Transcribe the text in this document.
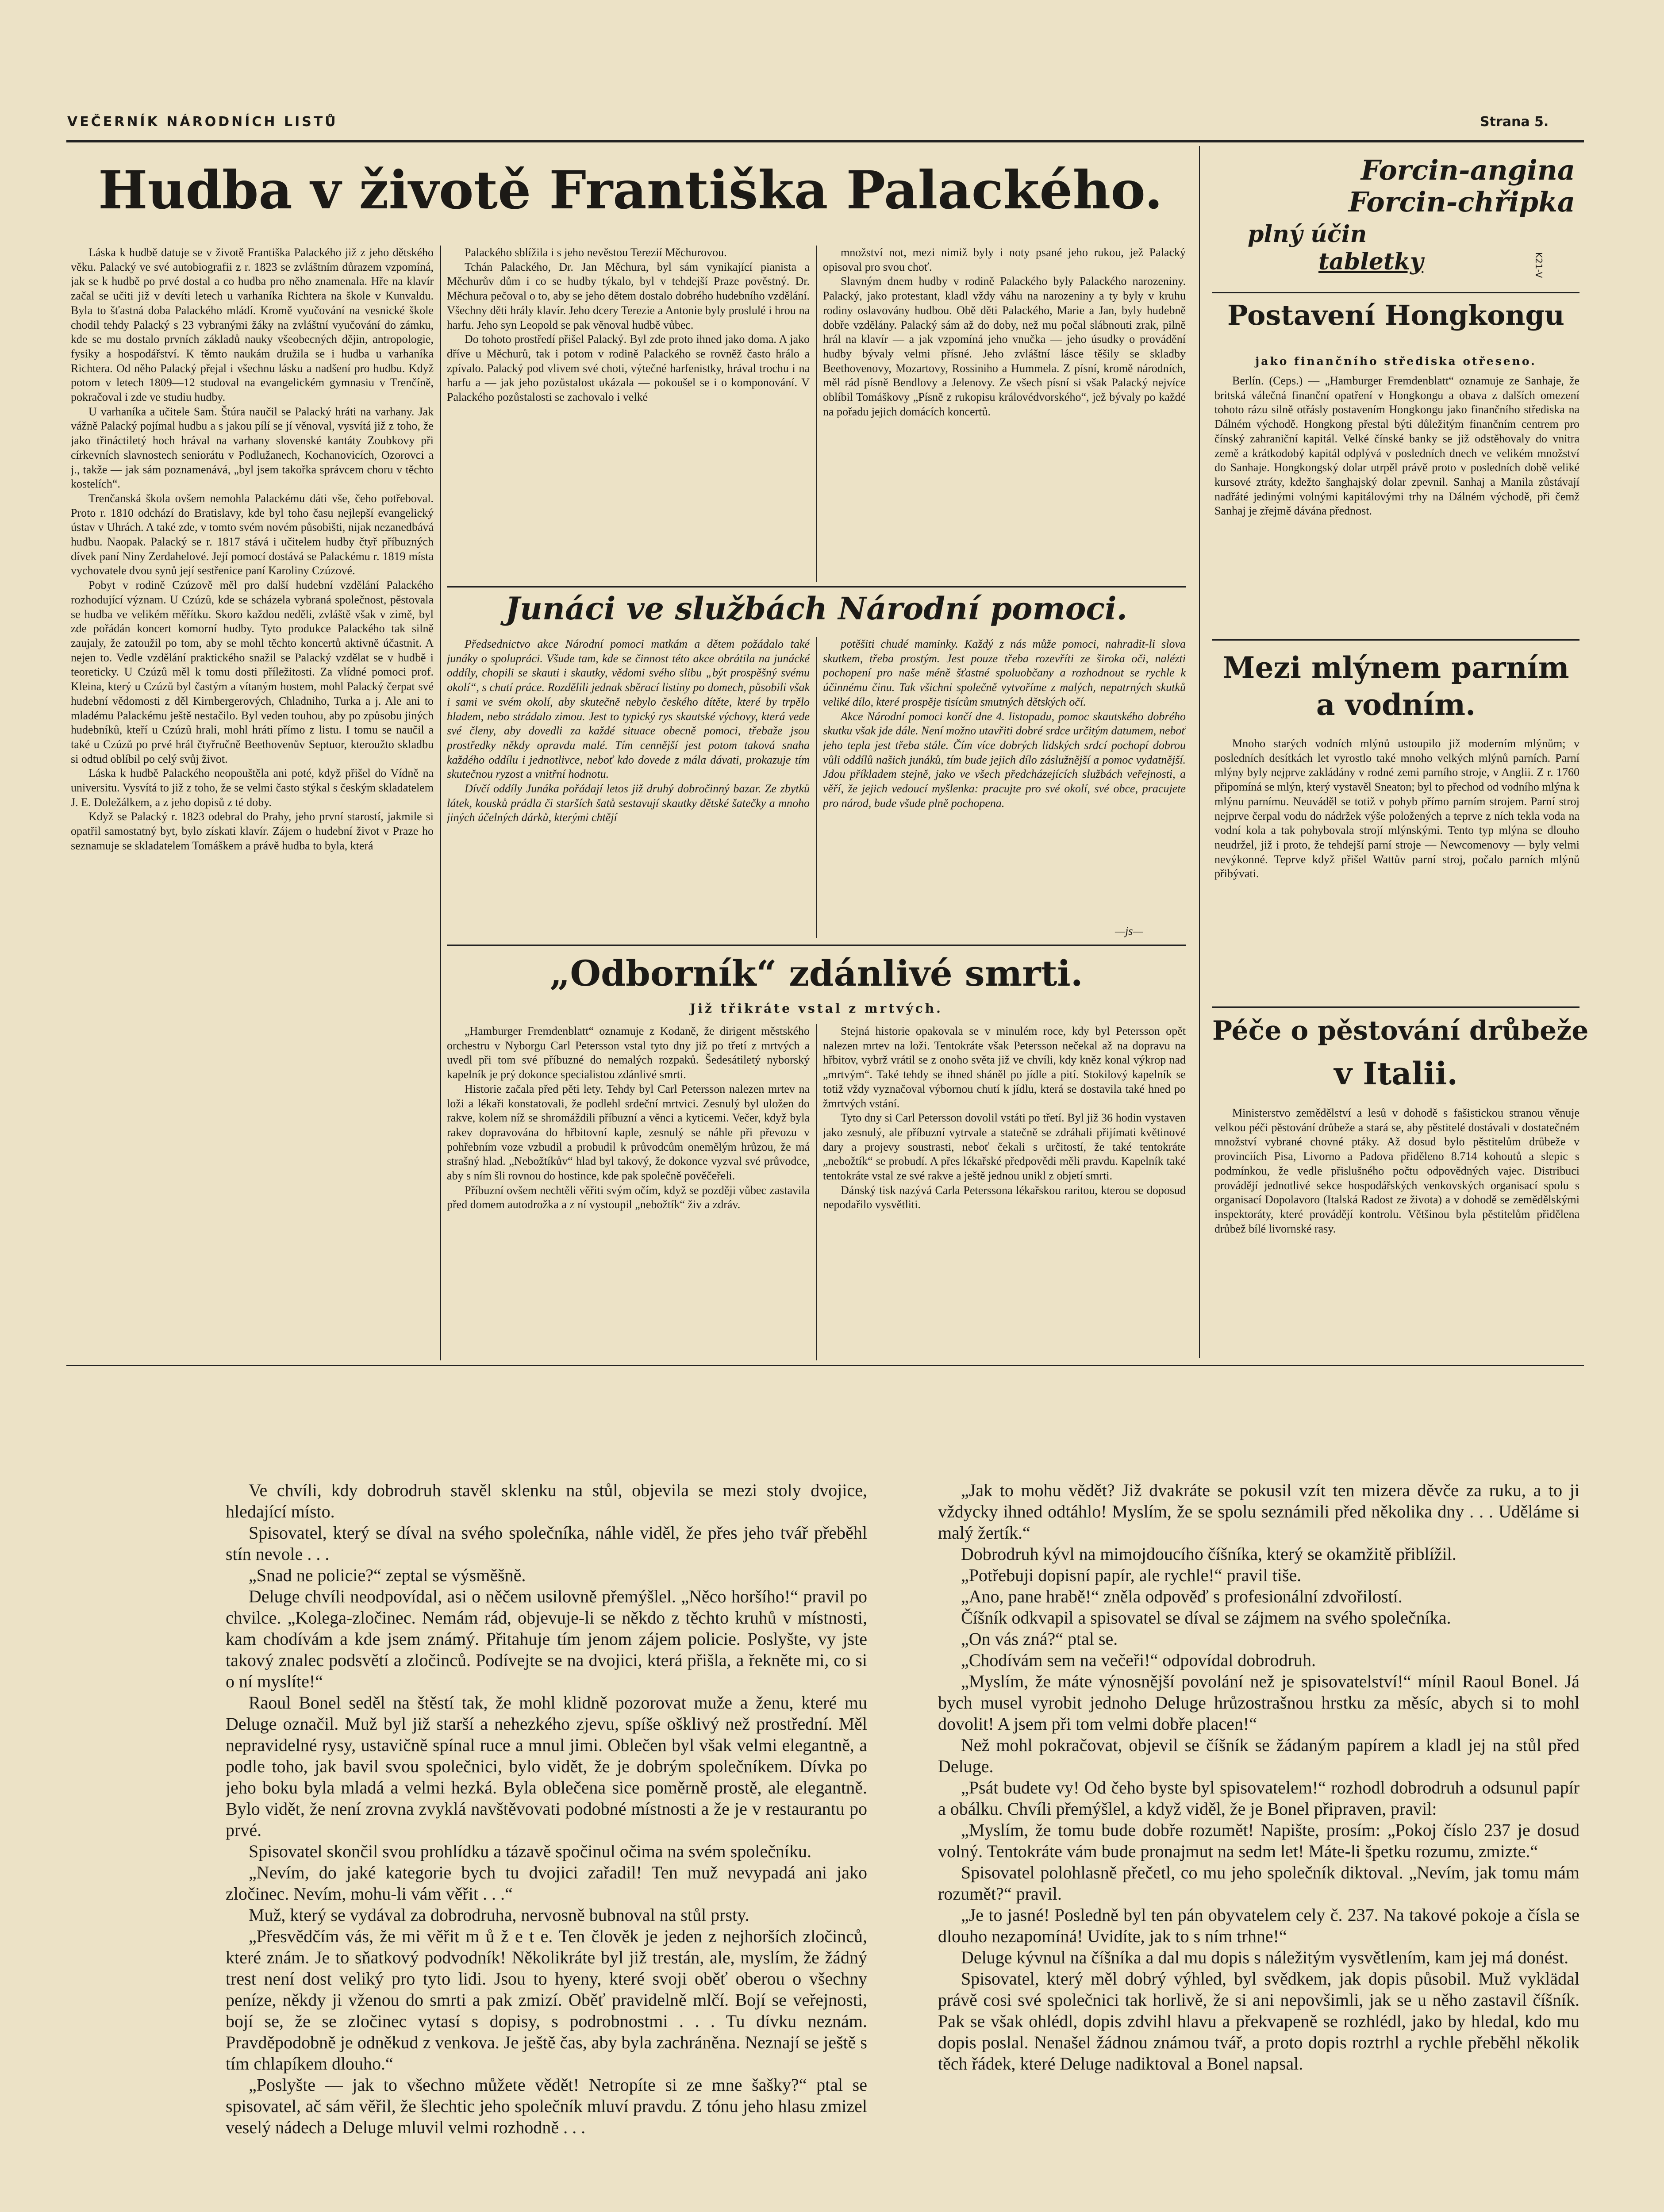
VEČERNÍK NÁRODNÍCH LISTŮ	Strana 5.
Hudba v životě Františka Palackého.

Láska k hudbě datuje se v životě Františka Palackého již z jeho dětského věku. Palacký ve své autobiografii z r. 1823 se zvláštním důrazem vzpomíná, jak se k hudbě po prvé dostal a co hudba pro něho znamenala. Hře na klavír začal se učiti již v devíti letech u varhaníka Richtera na škole v Kunvaldu. Byla to šťastná doba Palackého mládí. Kromě vyučování na vesnické škole chodil tehdy Palacký s 23 vybranými žáky na zvláštní vyučování do zámku, kde se mu dostalo prvních základů nauky všeobecných dějin, antropologie, fysiky a hospodářství. K těmto naukám družila se i hudba u varhaníka Richtera. Od něho Palacký přejal i všechnu lásku a nadšení pro hudbu. Když potom v letech 1809—12 studoval na evangelickém gymnasiu v Trenčíně, pokračoval i zde ve studiu hudby.

U varhaníka a učitele Sam. Štúra naučil se Palacký hráti na varhany. Jak vážně Palacký pojímal hudbu a s jakou pílí se jí věnoval, vysvítá již z toho, že jako třináctiletý hoch hrával na varhany slovenské kantáty Zoubkovy při církevních slavnostech seniorátu v Podlužanech, Kochanovicích, Ozorovci a j., takže — jak sám poznamenává, „byl jsem takořka správcem choru v těchto kostelích“.

Trenčanská škola ovšem nemohla Palackému dáti vše, čeho potřeboval. Proto r. 1810 odchází do Bratislavy, kde byl toho času nejlepší evangelický ústav v Uhrách. A také zde, v tomto svém novém působišti, nijak nezanedbává hudbu. Naopak. Palacký se r. 1817 stává i učitelem hudby čtyř příbuzných dívek paní Niny Zerdahelové. Její pomocí dostává se Palackému r. 1819 místa vychovatele dvou synů její sestřenice paní Karoliny Czúzové.

Pobyt v rodině Czúzově měl pro další hudební vzdělání Palackého rozhodující význam. U Czúzů, kde se scházela vybraná společnost, pěstovala se hudba ve velikém měřítku. Skoro každou neděli, zvláště však v zimě, byl zde pořádán koncert komorní hudby. Tyto produkce Palackého tak silně zaujaly, že zatoužil po tom, aby se mohl těchto koncertů aktivně účastnit. A nejen to. Vedle vzdělání praktického snažil se Palacký vzdělat se v hudbě i teoreticky. U Czúzů měl k tomu dosti příležitosti. Za vlídné pomoci prof. Kleina, který u Czúzů byl častým a vítaným hostem, mohl Palacký čerpat své hudební vědomosti z děl Kirnbergerových, Chladniho, Turka a j. Ale ani to mladému Palackému ještě nestačilo. Byl veden touhou, aby po způsobu jiných hudebníků, kteří u Czúzů hrali, mohl hráti přímo z listu. I tomu se naučil a také u Czúzů po prvé hrál čtyřručně Beethovenův Septuor, kteroužto skladbu si odtud oblíbil po celý svůj život.

Láska k hudbě Palackého neopouštěla ani poté, když přišel do Vídně na universitu. Vysvítá to již z toho, že se velmi často stýkal s českým skladatelem J. E. Doležálkem, a z jeho dopisů z té doby.

Když se Palacký r. 1823 odebral do Prahy, jeho první starostí, jakmile si opatřil samostatný byt, bylo získati klavír. Zájem o hudební život v Praze ho seznamuje se skladatelem Tomáškem a právě hudba to byla, která

Palackého sblížila i s jeho nevěstou Terezií Měchurovou.

Tchán Palackého, Dr. Jan Měchura, byl sám vynikající pianista a Měchurův dům i co se hudby týkalo, byl v tehdejší Praze pověstný. Dr. Měchura pečoval o to, aby se jeho dětem dostalo dobrého hudebního vzdělání. Všechny děti hrály klavír. Jeho dcery Terezie a Antonie byly proslulé i hrou na harfu. Jeho syn Leopold se pak věnoval hudbě vůbec.

Do tohoto prostředí přišel Palacký. Byl zde proto ihned jako doma. A jako dříve u Měchurů, tak i potom v rodině Palackého se rovněž často hrálo a zpívalo. Palacký pod vlivem své choti, výtečné harfenistky, hrával trochu i na harfu a — jak jeho pozůstalost ukázala — pokoušel se i o komponování. V Palackého pozůstalosti se zachovalo i velké

množství not, mezi nimiž byly i noty psané jeho rukou, jež Palacký opisoval pro svou choť.

Slavným dnem hudby v rodině Palackého byly Palackého narozeniny. Palacký, jako protestant, kladl vždy váhu na narozeniny a ty byly v kruhu rodiny oslavovány hudbou. Obě děti Palackého, Marie a Jan, byly hudebně dobře vzdělány. Palacký sám až do doby, než mu počal slábnouti zrak, pilně hrál na klavír — a jak vzpomíná jeho vnučka — jeho úsudky o provádění hudby bývaly velmi přísné. Jeho zvláštní lásce těšily se skladby Beethovenovy, Mozartovy, Rossiniho a Hummela. Z písní, kromě národních, měl rád písně Bendlovy a Jelenovy. Ze všech písní si však Palacký nejvíce oblíbil Tomáškovy „Písně z rukopisu královédvorského“, jež bývaly po každé na pořadu jejich domácích koncertů.

Junáci ve službách Národní pomoci.

Předsednictvo akce Národní pomoci matkám a dětem požádalo také junáky o spolupráci. Všude tam, kde se činnost této akce obrátila na junácké oddíly, chopili se skauti i skautky, vědomi svého slibu „být prospěšný svému okolí“, s chutí práce. Rozdělili jednak sběrací listiny po domech, působili však i sami ve svém okolí, aby skutečně nebylo českého dítěte, které by trpělo hladem, nebo strádalo zimou. Jest to typický rys skautské výchovy, která vede své členy, aby dovedli za každé situace obecně pomoci, třebaže jsou prostředky někdy opravdu malé. Tím cennější jest potom taková snaha každého oddílu i jednotlivce, neboť kdo dovede z mála dávati, prokazuje tím skutečnou ryzost a vnitřní hodnotu.

Dívčí oddíly Junáka pořádají letos již druhý dobročinný bazar. Ze zbytků látek, kousků prádla či starších šatů sestavují skautky dětské šatečky a mnoho jiných účelných dárků, kterými chtějí

potěšiti chudé maminky. Každý z nás může pomoci, nahradit-li slova skutkem, třeba prostým. Jest pouze třeba rozevříti ze široka oči, nalézti pochopení pro naše méně šťastné spoluobčany a rozhodnout se rychle k účinnému činu. Tak všichni společně vytvoříme z malých, nepatrných skutků veliké dílo, které prospěje tisícům smutných dětských očí.

Akce Národní pomoci končí dne 4. listopadu, pomoc skautského dobrého skutku však jde dále. Není možno utavřiti dobré srdce určitým datumem, neboť jeho tepla jest třeba stále. Čím více dobrých lidských srdcí pochopí dobrou vůli oddílů našich junáků, tím bude jejich dílo záslužnější a pomoc vydatnější. Jdou příkladem stejně, jako ve všech předcházejících službách veřejnosti, a věří, že jejich vedoucí myšlenka: pracujte pro své okolí, své obce, pracujete pro národ, bude všude plně pochopena.

—js—
„Odborník“ zdánlivé smrti.
Již třikráte vstal z mrtvých.

„Hamburger Fremdenblatt“ oznamuje z Kodaně, že dirigent městského orchestru v Nyborgu Carl Petersson vstal tyto dny již po třetí z mrtvých a uvedl při tom své příbuzné do nemalých rozpaků. Šedesátiletý nyborský kapelník je prý dokonce specialistou zdánlivé smrti.

Historie začala před pěti lety. Tehdy byl Carl Petersson nalezen mrtev na loži a lékaři konstatovali, že podlehl srdeční mrtvici. Zesnulý byl uložen do rakve, kolem níž se shromáždili příbuzní a věnci a kyticemi. Večer, když byla rakev dopravována do hřbitovní kaple, zesnulý se náhle při převozu v pohřebním voze vzbudil a probudil k průvodcům onemělým hrůzou, že má strašný hlad. „Nebožtíkův“ hlad byl takový, že dokonce vyzval své průvodce, aby s ním šli rovnou do hostince, kde pak společně pověčeřeli.

Příbuzní ovšem nechtěli věřiti svým očím, když se později vůbec zastavila před domem autodrožka a z ní vystoupil „nebožtík“ živ a zdráv.

Stejná historie opakovala se v minulém roce, kdy byl Petersson opět nalezen mrtev na loži. Tentokráte však Petersson nečekal až na dopravu na hřbitov, vybrž vrátil se z onoho světa již ve chvíli, kdy kněz konal výkrop nad „mrtvým“. Také tehdy se ihned sháněl po jídle a pití. Stokilový kapelník se totiž vždy vyznačoval výbornou chutí k jídlu, která se dostavila také hned po žmrtvých vstání.

Tyto dny si Carl Petersson dovolil vstáti po třetí. Byl již 36 hodin vystaven jako zesnulý, ale příbuzní vytrvale a statečně se zdráhali přijímati květinové dary a projevy soustrasti, neboť čekali s určitostí, že také tentokráte „nebožtík“ se probudí. A přes lékařské předpovědi měli pravdu. Kapelník také tentokráte vstal ze své rakve a ještě jednou unikl z objetí smrti.

Dánský tisk nazývá Carla Peterssona lékařskou raritou, kterou se doposud nepodařilo vysvětliti.

Forcin-angina
Forcin-chřipka
plný účin
tabletky	K21-V
Postavení Hongkongu
jako finančního střediska otřeseno.

Berlín. (Ceps.) — „Hamburger Fremdenblatt“ oznamuje ze Sanhaje, že britská válečná finanční opatření v Hongkongu a obava z dalších omezení tohoto rázu silně otřásly postavením Hongkongu jako finančního střediska na Dálném východě. Hongkong přestal býti důležitým finančním centrem pro čínský zahraniční kapitál. Velké čínské banky se již odstěhovaly do vnitra země a krátkodobý kapitál odplývá v posledních dnech ve velikém množství do Sanhaje. Hongkongský dolar utrpěl právě proto v posledních době veliké kursové ztráty, kdežto šanghajský dolar zpevnil. Sanhaj a Manila zůstávají nadřáté jedinými volnými kapitálovými trhy na Dálném východě, při čemž Sanhaj je zřejmě dávána přednost.

Mezi mlýnem parním
a vodním.

Mnoho starých vodních mlýnů ustoupilo již moderním mlýnům; v posledních desítkách let vyrostlo také mnoho velkých mlýnů parních. Parní mlýny byly nejprve zakládány v rodné zemi parního stroje, v Anglii. Z r. 1760 připomíná se mlýn, který vystavěl Sneaton; byl to přechod od vodního mlýna k mlýnu parnímu. Neuváděl se totiž v pohyb přímo parním strojem. Parní stroj nejprve čerpal vodu do nádržek výše položených a teprve z ních tekla voda na vodní kola a tak pohybovala strojí mlýnskými. Tento typ mlýna se dlouho neudržel, již i proto, že tehdejší parní stroje — Newcomenovy — byly velmi nevýkonné. Teprve když přišel Wattův parní stroj, počalo parních mlýnů přibývati.

Péče o pěstování drůbeže
v Italii.

Ministerstvo zemědělství a lesů v dohodě s fašistickou stranou věnuje velkou péči pěstování drůbeže a stará se, aby pěstitelé dostávali v dostatečném množství vybrané chovné ptáky. Až dosud bylo pěstitelům drůbeže v provinciích Pisa, Livorno a Padova přiděleno 8.714 kohoutů a slepic s podmínkou, že vedle přislušného počtu odpovědných vajec. Distribuci provádějí jednotlivé sekce hospodářských venkovských organisací spolu s organisací Dopolavoro (Italská Radost ze života) a v dohodě se zemědělskými inspektoráty, které provádějí kontrolu. Většinou byla pěstitelům přidělena drůbež bílé livornské rasy.

Ve chvíli, kdy dobrodruh stavěl sklenku na stůl, objevila se mezi stoly dvojice, hledající místo.

Spisovatel, který se díval na svého společníka, náhle viděl, že přes jeho tvář přeběhl stín nevole . . .

„Snad ne policie?“ zeptal se výsměšně.

Deluge chvíli neodpovídal, asi o něčem usilovně přemýšlel. „Něco horšího!“ pravil po chvilce. „Kolega-zločinec. Nemám rád, objevuje-li se někdo z těchto kruhů v místnosti, kam chodívám a kde jsem známý. Přitahuje tím jenom zájem policie. Poslyšte, vy jste takový znalec podsvětí a zločinců. Podívejte se na dvojici, která přišla, a řekněte mi, co si o ní myslíte!“

Raoul Bonel seděl na štěstí tak, že mohl klidně pozorovat muže a ženu, které mu Deluge označil. Muž byl již starší a nehezkého zjevu, spíše ošklivý než prostřední. Měl nepravidelné rysy, ustavičně spínal ruce a mnul jimi. Oblečen byl však velmi elegantně, a podle toho, jak bavil svou společnici, bylo vidět, že je dobrým společníkem. Dívka po jeho boku byla mladá a velmi hezká. Byla oblečena sice poměrně prostě, ale elegantně. Bylo vidět, že není zrovna zvyklá navštěvovati podobné místnosti a že je v restaurantu po prvé.

Spisovatel skončil svou prohlídku a tázavě spočinul očima na svém společníku.

„Nevím, do jaké kategorie bych tu dvojici zařadil! Ten muž nevypadá ani jako zločinec. Nevím, mohu-li vám věřit . . .“

Muž, který se vydával za dobrodruha, nervosně bubnoval na stůl prsty.

„Přesvědčím vás, že mi věřit m ů ž e t e. Ten člověk je jeden z nejhorších zločinců, které znám. Je to sňatkový podvodník! Několikráte byl již trestán, ale, myslím, že žádný trest není dost veliký pro tyto lidi. Jsou to hyeny, které svoji oběť oberou o všechny peníze, někdy ji vženou do smrti a pak zmizí. Oběť pravidelně mlčí. Bojí se veřejnosti, bojí se, že se zločinec vytasí s dopisy, s podrobnostmi . . . Tu dívku neznám. Pravděpodobně je odněkud z venkova. Je ještě čas, aby byla zachráněna. Neznají se ještě s tím chlapíkem dlouho.“

„Poslyšte — jak to všechno můžete vědět! Netropíte si ze mne šašky?“ ptal se spisovatel, ač sám věřil, že šlechtic jeho společník mluví pravdu. Z tónu jeho hlasu zmizel veselý nádech a Deluge mluvil velmi rozhodně . . .

„Jak to mohu vědět? Již dvakráte se pokusil vzít ten mizera děvče za ruku, a to ji vždycky ihned odtáhlo! Myslím, že se spolu seznámili před několika dny . . . Uděláme si malý žertík.“

Dobrodruh kývl na mimojdoucího číšníka, který se okamžitě přiblížil.

„Potřebuji dopisní papír, ale rychle!“ pravil tiše.

„Ano, pane hrabě!“ zněla odpověď s profesionální zdvořilostí.

Číšník odkvapil a spisovatel se díval se zájmem na svého společníka.

„On vás zná?“ ptal se.

„Chodívám sem na večeři!“ odpovídal dobrodruh.

„Myslím, že máte výnosnější povolání než je spisovatelství!“ mínil Raoul Bonel. Já bych musel vyrobit jednoho Deluge hrůzostrašnou hrstku za měsíc, abych si to mohl dovolit! A jsem při tom velmi dobře placen!“

Než mohl pokračovat, objevil se číšník se žádaným papírem a kladl jej na stůl před Deluge.

„Psát budete vy! Od čeho byste byl spisovatelem!“ rozhodl dobrodruh a odsunul papír a obálku. Chvíli přemýšlel, a když viděl, že je Bonel připraven, pravil:

„Myslím, že tomu bude dobře rozumět! Napište, prosím: „Pokoj číslo 237 je dosud volný. Tentokráte vám bude pronajmut na sedm let! Máte-li špetku rozumu, zmizte.“

Spisovatel polohlasně přečetl, co mu jeho společník diktoval. „Nevím, jak tomu mám rozumět?“ pravil.

„Je to jasné! Posledně byl ten pán obyvatelem cely č. 237. Na takové pokoje a čísla se dlouho nezapomíná! Uvidíte, jak to s ním trhne!“

Deluge kývnul na číšníka a dal mu dopis s náležitým vysvětlením, kam jej má donést.

Spisovatel, který měl dobrý výhled, byl svědkem, jak dopis působil. Muž vyklädal právě cosi své společnici tak horlivě, že si ani nepovšimli, jak se u něho zastavil číšník. Pak se však ohlédl, dopis zdvihl hlavu a překvapeně se rozhlédl, jako by hledal, kdo mu dopis poslal. Nenašel žádnou známou tvář, a proto dopis roztrhl a rychle přeběhl několik těch řádek, které Deluge nadiktoval a Bonel napsal.
